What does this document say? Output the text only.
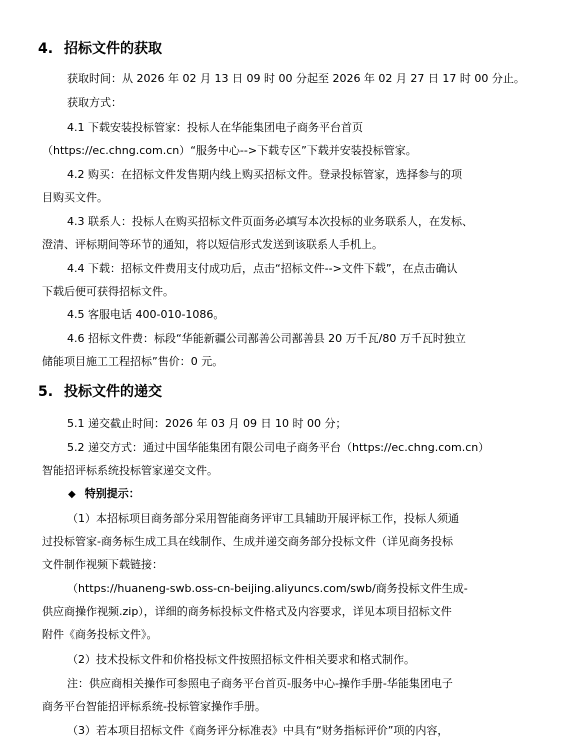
4. 招标文件的获取
获取时间：从 2026 年 02 月 13 日 09 时 00 分起至 2026 年 02 月 27 日 17 时 00 分止。
获取方式：
4.1 下载安装投标管家：投标人在华能集团电子商务平台首页
（https://ec.chng.com.cn）“服务中心-->下载专区”下载并安装投标管家。
4.2 购买：在招标文件发售期内线上购买招标文件。登录投标管家，选择参与的项
目购买文件。
4.3 联系人：投标人在购买招标文件页面务必填写本次投标的业务联系人，在发标、
澄清、评标期间等环节的通知，将以短信形式发送到该联系人手机上。
4.4 下载：招标文件费用支付成功后，点击“招标文件-->文件下载”，在点击确认
下载后便可获得招标文件。
4.5 客服电话 400-010-1086。
4.6 招标文件费：标段“华能新疆公司鄯善公司鄯善县 20 万千瓦/80 万千瓦时独立
储能项目施工工程招标”售价：0 元。
5. 投标文件的递交
5.1 递交截止时间：2026 年 03 月 09 日 10 时 00 分；
5.2 递交方式：通过中国华能集团有限公司电子商务平台（https://ec.chng.com.cn）
智能招评标系统投标管家递交文件。
◆ 特别提示：
（1）本招标项目商务部分采用智能商务评审工具辅助开展评标工作，投标人须通
过投标管家-商务标生成工具在线制作、生成并递交商务部分投标文件（详见商务投标
文件制作视频下载链接：
（https://huaneng-swb.oss-cn-beijing.aliyuncs.com/swb/商务投标文件生成-
供应商操作视频.zip），详细的商务标投标文件格式及内容要求，详见本项目招标文件
附件《商务投标文件》。
（2）技术投标文件和价格投标文件按照招标文件相关要求和格式制作。
注：供应商相关操作可参照电子商务平台首页-服务中心-操作手册-华能集团电子
商务平台智能招评标系统-投标管家操作手册。
（3）若本项目招标文件《商务评分标准表》中具有“财务指标评价”项的内容，
